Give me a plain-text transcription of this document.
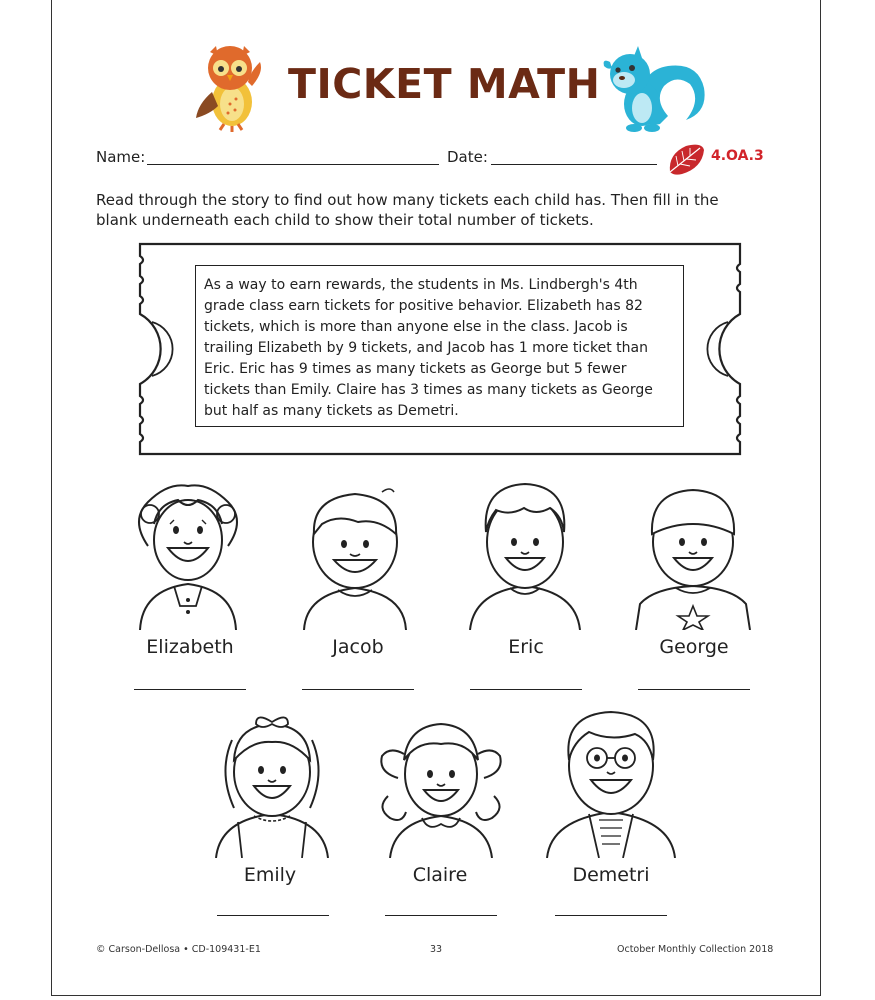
TICKET MATH
Name:	Date:	4.OA.3
Read through the story to find out how many tickets each child has. Then fill in the blank underneath each child to show their total number of tickets.
As a way to earn rewards, the students in Ms. Lindbergh's 4th grade class earn tickets for positive behavior. Elizabeth has 82 tickets, which is more than anyone else in the class. Jacob is trailing Elizabeth by 9 tickets, and Jacob has 1 more ticket than Eric. Eric has 9 times as many tickets as George but 5 fewer tickets than Emily. Claire has 3 times as many tickets as George but half as many tickets as Demetri.
Elizabeth	Jacob	Eric	George
Emily	Claire	Demetri
© Carson-Dellosa • CD-109431-E1	33	October Monthly Collection 2018
